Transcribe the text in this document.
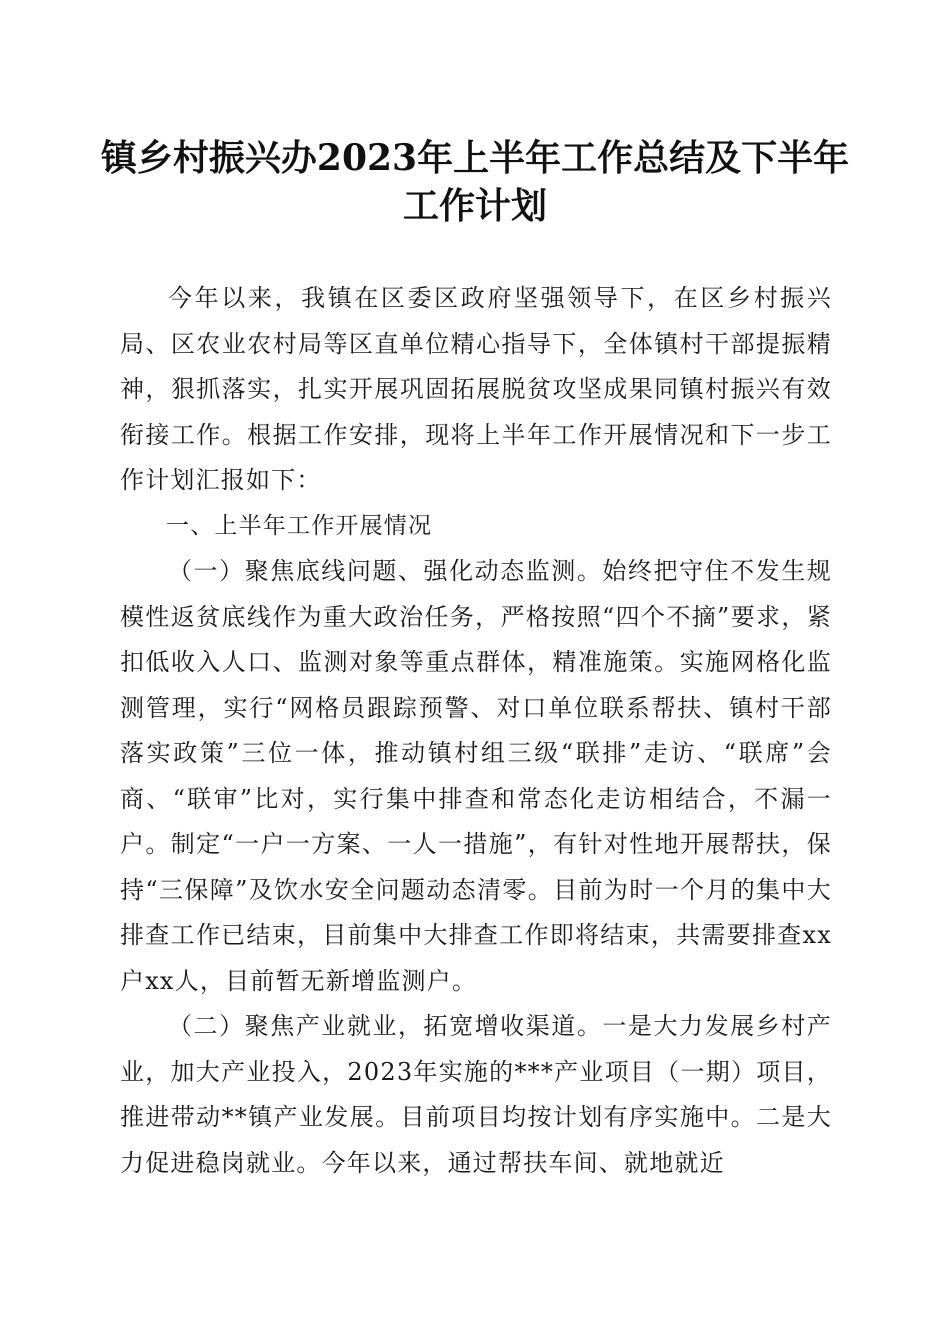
镇乡村振兴办2023年上半年工作总结及下半年工作计划

今年以来，我镇在区委区政府坚强领导下，在区乡村振兴局、区农业农村局等区直单位精心指导下，全体镇村干部提振精神，狠抓落实，扎实开展巩固拓展脱贫攻坚成果同镇村振兴有效衔接工作。根据工作安排，现将上半年工作开展情况和下一步工作计划汇报如下：

一、上半年工作开展情况

（一）聚焦底线问题、强化动态监测。始终把守住不发生规模性返贫底线作为重大政治任务，严格按照“四个不摘”要求，紧扣低收入人口、监测对象等重点群体，精准施策。实施网格化监测管理，实行“网格员跟踪预警、对口单位联系帮扶、镇村干部落实政策”三位一体，推动镇村组三级“联排”走访、“联席”会商、“联审”比对，实行集中排查和常态化走访相结合，不漏一户。制定“一户一方案、一人一措施”，有针对性地开展帮扶，保持“三保障”及饮水安全问题动态清零。目前为时一个月的集中大排查工作已结束，目前集中大排查工作即将结束，共需要排查xx户xx人，目前暂无新增监测户。

（二）聚焦产业就业，拓宽增收渠道。一是大力发展乡村产业，加大产业投入，2023年实施的***产业项目（一期）项目，推进带动**镇产业发展。目前项目均按计划有序实施中。二是大力促进稳岗就业。今年以来，通过帮扶车间、就地就近
